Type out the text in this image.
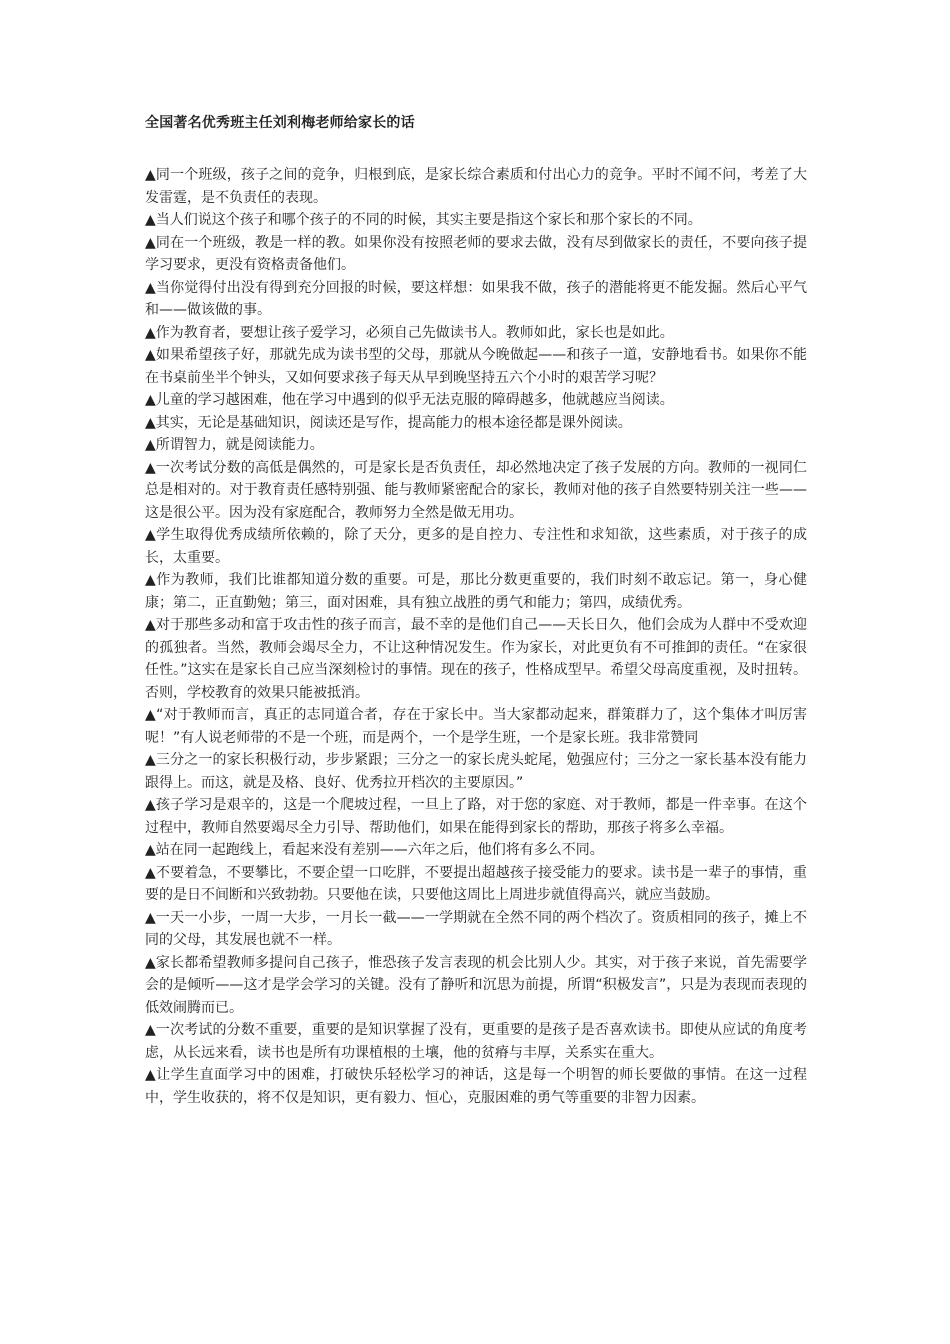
全国著名优秀班主任刘利梅老师给家长的话

▲同一个班级，孩子之间的竞争，归根到底，是家长综合素质和付出心力的竞争。平时不闻不问，考差了大发雷霆，是不负责任的表现。

▲当人们说这个孩子和哪个孩子的不同的时候，其实主要是指这个家长和那个家长的不同。

▲同在一个班级，教是一样的教。如果你没有按照老师的要求去做，没有尽到做家长的责任，不要向孩子提学习要求，更没有资格责备他们。

▲当你觉得付出没有得到充分回报的时候，要这样想：如果我不做，孩子的潜能将更不能发掘。然后心平气和——做该做的事。

▲作为教育者，要想让孩子爱学习，必须自己先做读书人。教师如此，家长也是如此。

▲如果希望孩子好，那就先成为读书型的父母，那就从今晚做起——和孩子一道，安静地看书。如果你不能在书桌前坐半个钟头，又如何要求孩子每天从早到晚坚持五六个小时的艰苦学习呢？

▲儿童的学习越困难，他在学习中遇到的似乎无法克服的障碍越多，他就越应当阅读。

▲其实，无论是基础知识，阅读还是写作，提高能力的根本途径都是课外阅读。

▲所谓智力，就是阅读能力。

▲一次考试分数的高低是偶然的，可是家长是否负责任，却必然地决定了孩子发展的方向。教师的一视同仁总是相对的。对于教育责任感特别强、能与教师紧密配合的家长，教师对他的孩子自然要特别关注一些——这是很公平。因为没有家庭配合，教师努力全然是做无用功。

▲学生取得优秀成绩所依赖的，除了天分，更多的是自控力、专注性和求知欲，这些素质，对于孩子的成长，太重要。

▲作为教师，我们比谁都知道分数的重要。可是，那比分数更重要的，我们时刻不敢忘记。第一，身心健康；第二，正直勤勉；第三，面对困难，具有独立战胜的勇气和能力；第四，成绩优秀。

▲对于那些多动和富于攻击性的孩子而言，最不幸的是他们自己——天长日久，他们会成为人群中不受欢迎的孤独者。当然，教师会竭尽全力，不让这种情况发生。作为家长，对此更负有不可推卸的责任。“在家很任性。”这实在是家长自己应当深刻检讨的事情。现在的孩子，性格成型早。希望父母高度重视，及时扭转。否则，学校教育的效果只能被抵消。

▲“对于教师而言，真正的志同道合者，存在于家长中。当大家都动起来，群策群力了，这个集体才叫厉害呢！”有人说老师带的不是一个班，而是两个，一个是学生班，一个是家长班。我非常赞同

▲三分之一的家长积极行动，步步紧跟；三分之一的家长虎头蛇尾，勉强应付；三分之一家长基本没有能力跟得上。而这，就是及格、良好、优秀拉开档次的主要原因。”

▲孩子学习是艰辛的，这是一个爬坡过程，一旦上了路，对于您的家庭、对于教师，都是一件幸事。在这个过程中，教师自然要竭尽全力引导、帮助他们，如果在能得到家长的帮助，那孩子将多么幸福。

▲站在同一起跑线上，看起来没有差别——六年之后，他们将有多么不同。

▲不要着急，不要攀比，不要企望一口吃胖，不要提出超越孩子接受能力的要求。读书是一辈子的事情，重要的是日不间断和兴致勃勃。只要他在读，只要他这周比上周进步就值得高兴，就应当鼓励。

▲一天一小步，一周一大步，一月长一截——一学期就在全然不同的两个档次了。资质相同的孩子，摊上不同的父母，其发展也就不一样。

▲家长都希望教师多提问自己孩子，惟恐孩子发言表现的机会比别人少。其实，对于孩子来说，首先需要学会的是倾听——这才是学会学习的关键。没有了静听和沉思为前提，所谓“积极发言”，只是为表现而表现的低效闹腾而已。

▲一次考试的分数不重要，重要的是知识掌握了没有，更重要的是孩子是否喜欢读书。即使从应试的角度考虑，从长远来看，读书也是所有功课植根的土壤，他的贫瘠与丰厚，关系实在重大。

▲让学生直面学习中的困难，打破快乐轻松学习的神话，这是每一个明智的师长要做的事情。在这一过程中，学生收获的，将不仅是知识，更有毅力、恒心，克服困难的勇气等重要的非智力因素。
